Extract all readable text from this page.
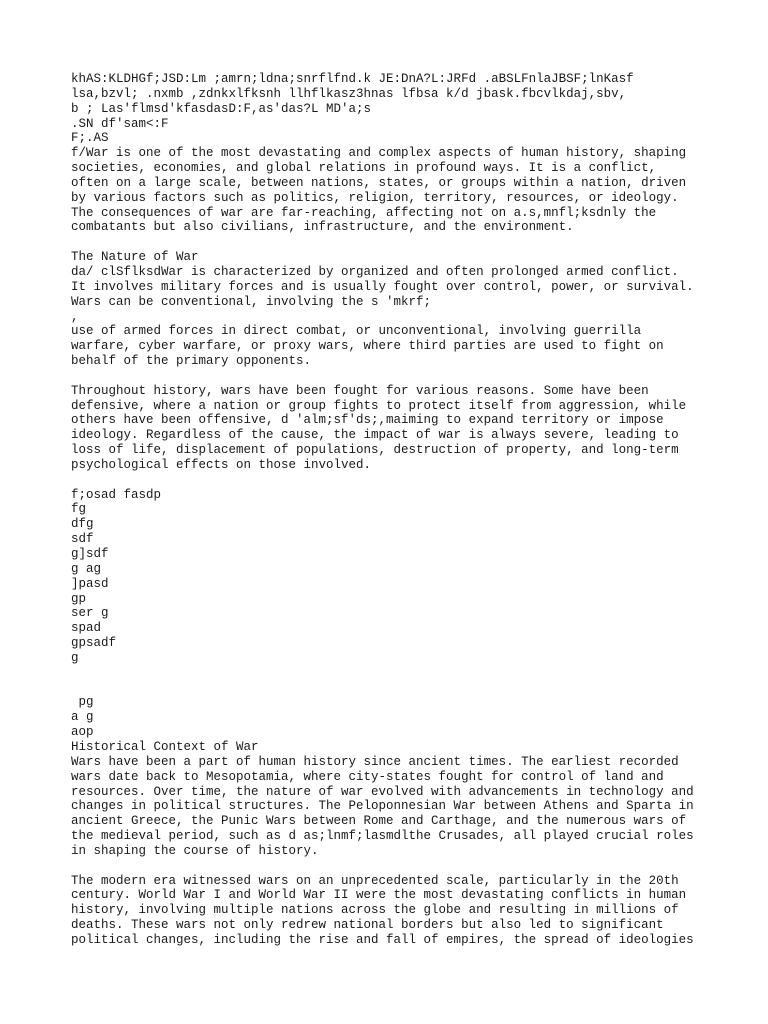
khAS:KLDHGf;JSD:Lm ;amrn;ldna;snrflfnd.k JE:DnA?L:JRFd .aBSLFnlaJBSF;lnKasf
lsa,bzvl; .nxmb ,zdnkxlfksnh llhflkasz3hnas lfbsa k/d jbask.fbcvlkdaj,sbv,
b ; Las'flmsd'kfasdasD:F,as'das?L MD'a;s
.SN df'sam<:F
F;.AS
f/War is one of the most devastating and complex aspects of human history, shaping
societies, economies, and global relations in profound ways. It is a conflict,
often on a large scale, between nations, states, or groups within a nation, driven
by various factors such as politics, religion, territory, resources, or ideology.
The consequences of war are far-reaching, affecting not on a.s,mnfl;ksdnly the
combatants but also civilians, infrastructure, and the environment.
The Nature of War
da/ clSflksdWar is characterized by organized and often prolonged armed conflict.
It involves military forces and is usually fought over control, power, or survival.
Wars can be conventional, involving the s 'mkrf;
,
use of armed forces in direct combat, or unconventional, involving guerrilla
warfare, cyber warfare, or proxy wars, where third parties are used to fight on
behalf of the primary opponents.
Throughout history, wars have been fought for various reasons. Some have been
defensive, where a nation or group fights to protect itself from aggression, while
others have been offensive, d 'alm;sf'ds;,maiming to expand territory or impose
ideology. Regardless of the cause, the impact of war is always severe, leading to
loss of life, displacement of populations, destruction of property, and long-term
psychological effects on those involved.
f;osad fasdp
fg
dfg
sdf
g]sdf
g ag
]pasd
gp
ser g
spad
gpsadf
g
pg
a g
aop
Historical Context of War
Wars have been a part of human history since ancient times. The earliest recorded
wars date back to Mesopotamia, where city-states fought for control of land and
resources. Over time, the nature of war evolved with advancements in technology and
changes in political structures. The Peloponnesian War between Athens and Sparta in
ancient Greece, the Punic Wars between Rome and Carthage, and the numerous wars of
the medieval period, such as d as;lnmf;lasmdlthe Crusades, all played crucial roles
in shaping the course of history.
The modern era witnessed wars on an unprecedented scale, particularly in the 20th
century. World War I and World War II were the most devastating conflicts in human
history, involving multiple nations across the globe and resulting in millions of
deaths. These wars not only redrew national borders but also led to significant
political changes, including the rise and fall of empires, the spread of ideologies
